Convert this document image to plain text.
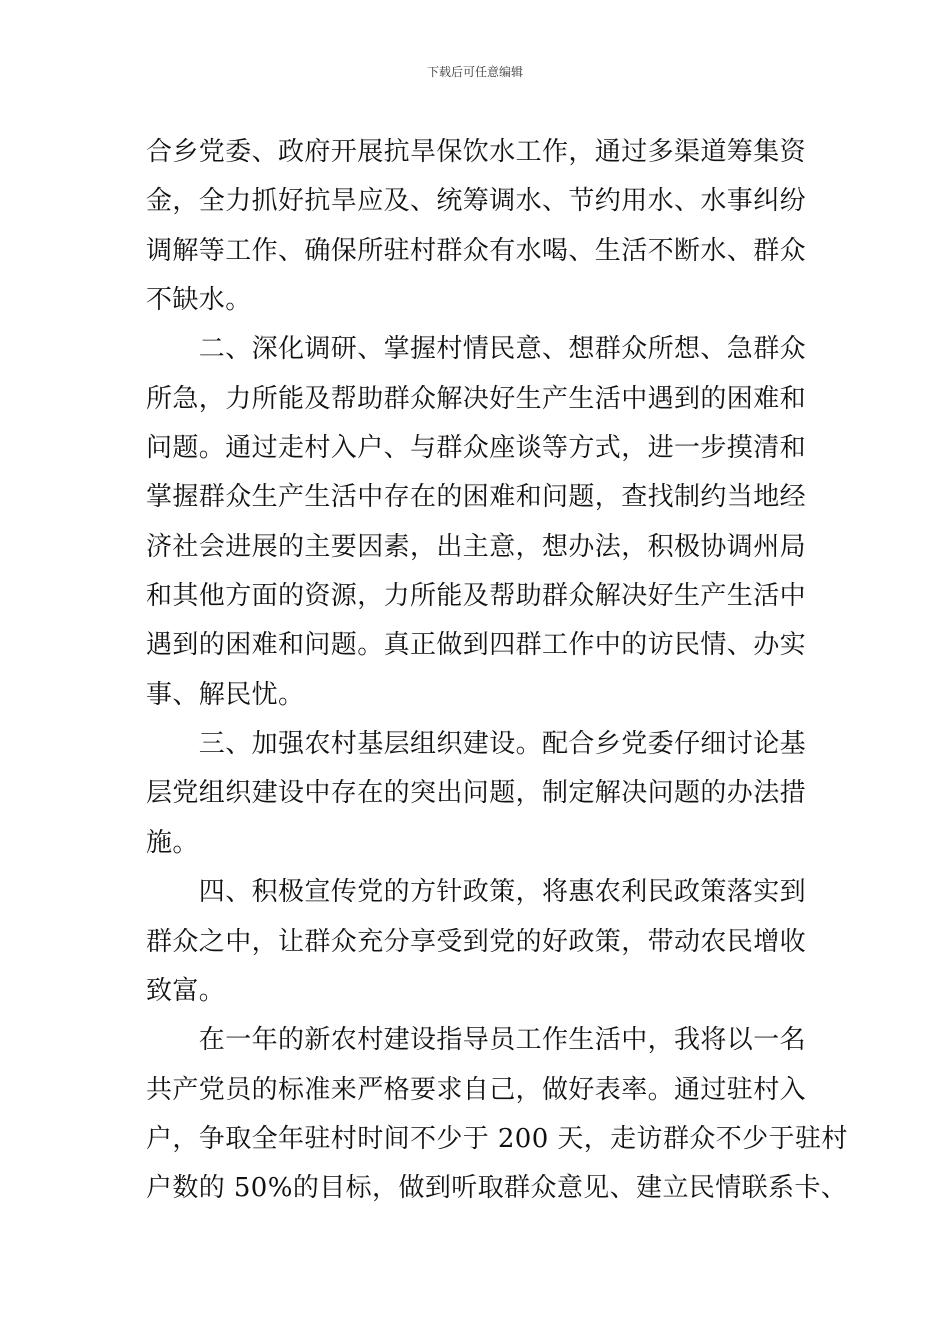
下载后可任意编辑
合乡党委、政府开展抗旱保饮水工作，通过多渠道筹集资
金，全力抓好抗旱应及、统筹调水、节约用水、水事纠纷
调解等工作、确保所驻村群众有水喝、生活不断水、群众
不缺水。
　　二、深化调研、掌握村情民意、想群众所想、急群众
所急，力所能及帮助群众解决好生产生活中遇到的困难和
问题。通过走村入户、与群众座谈等方式，进一步摸清和
掌握群众生产生活中存在的困难和问题，查找制约当地经
济社会进展的主要因素，出主意，想办法，积极协调州局
和其他方面的资源，力所能及帮助群众解决好生产生活中
遇到的困难和问题。真正做到四群工作中的访民情、办实
事、解民忧。
　　三、加强农村基层组织建设。配合乡党委仔细讨论基
层党组织建设中存在的突出问题，制定解决问题的办法措
施。
　　四、积极宣传党的方针政策，将惠农利民政策落实到
群众之中，让群众充分享受到党的好政策，带动农民增收
致富。
　　在一年的新农村建设指导员工作生活中，我将以一名
共产党员的标准来严格要求自己，做好表率。通过驻村入
户，争取全年驻村时间不少于 200 天，走访群众不少于驻村
户数的 50%的目标，做到听取群众意见、建立民情联系卡、
